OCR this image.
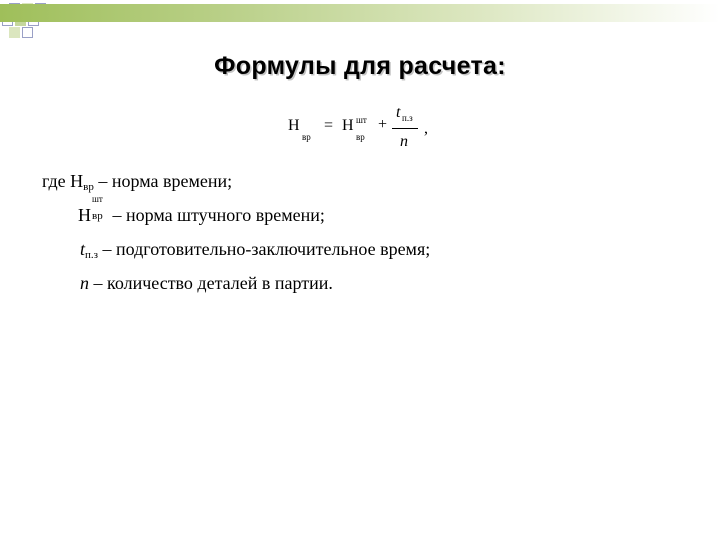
Формулы для расчета:
Н
вр
= Н шт
вр
+
t п.з
n
,
где Нвр – норма времени;
Н
шт
вр – норма штучного времени;
tп.з – подготовительно-заключительное время;
n – количество деталей в партии.
